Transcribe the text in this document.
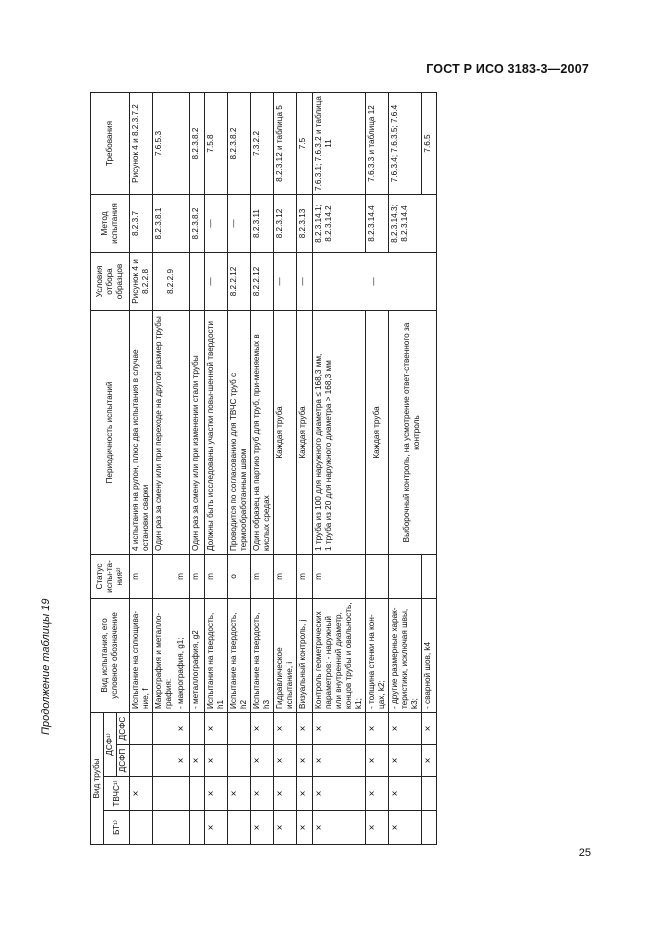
ГОСТ Р ИСО 3183-3—2007
Продолжение таблицы 19
25
Вид трубы				Вид испытания, его условное обозначение	Статус испы-та-ния²⁾	Периодичность испытаний	Условия отбора образцов	Метод испытания	Требования
БТ¹⁾	ТВЧС¹⁾	ДСФ¹⁾							
		ДСФП	ДСФС						
	×			Испытание на сплющива-ние, f	m	4 испытания на рулон, плюс два испытания в случае остановки сварки	Рисунок 4 и 8.2.2.8	8.2.3.7	Рисунок 4 и 8.2.3.7.2
				Макрография и металло-графия:		Один раз за смену или при переходе на другой размер трубы	8.2.2.9	8.2.3.8.1	7.6.5.3
		×	×	- макрография, g1;	m				
		×		- металлография, g2	m	Один раз за смену или при изменении стали трубы		8.2.3.8.2	8.2.3.8.2
×	×	×	×	Испытания на твердость, h1	m	Должны быть исследованы участки повы-шенной твердости	—	—	7.5.8
	×			Испытание на твердость, h2	o	Проводится по согласованию для ТВЧС труб с термообработанным швом	8.2.2.12	—	8.2.3.8.2
×	×	×	×	Испытание на твердость, h3	m	Один образец на партию труб для труб, при-меняемых в кислых средах	8.2.2.12	8.2.3.11	7.3.2.2
×	×	×	×	Гидравлическое испытание, i	m	Каждая труба	—	8.2.3.12	8.2.3.12 и таблица 5
×	×	×	×	Визуальный контроль, j	m	Каждая труба	—	8.2.3.13	7.5
×	×	×	×	Контроль геометрических параметров: - наружный или внутренний диаметр, концов трубы и овальность, k1;	m	1 труба из 100 для наружного диаметра ≤ 168,3 мм, 1 труба из 20 для наружного диаметра > 168,3 мм	—	8.2.3.14.1; 8.2.3.14.2	7.6.3.1; 7.6.3.2 и таблица 11
×	×	×	×	- толщина стенки на кон-цах, k2;		Каждая труба		8.2.3.14.4	7.6.3.3 и таблица 12
×	×	×	×	- другие размерные харак-теристики, исключая швы, k3;		Выборочный контроль, на усмотрение ответ-ственного за контроль		8.2.3.14.3; 8.2.3.14.4	7.6.3.4; 7.6.3.5; 7.6.4
		×	×	- сварной шов, k4					7.6.5
